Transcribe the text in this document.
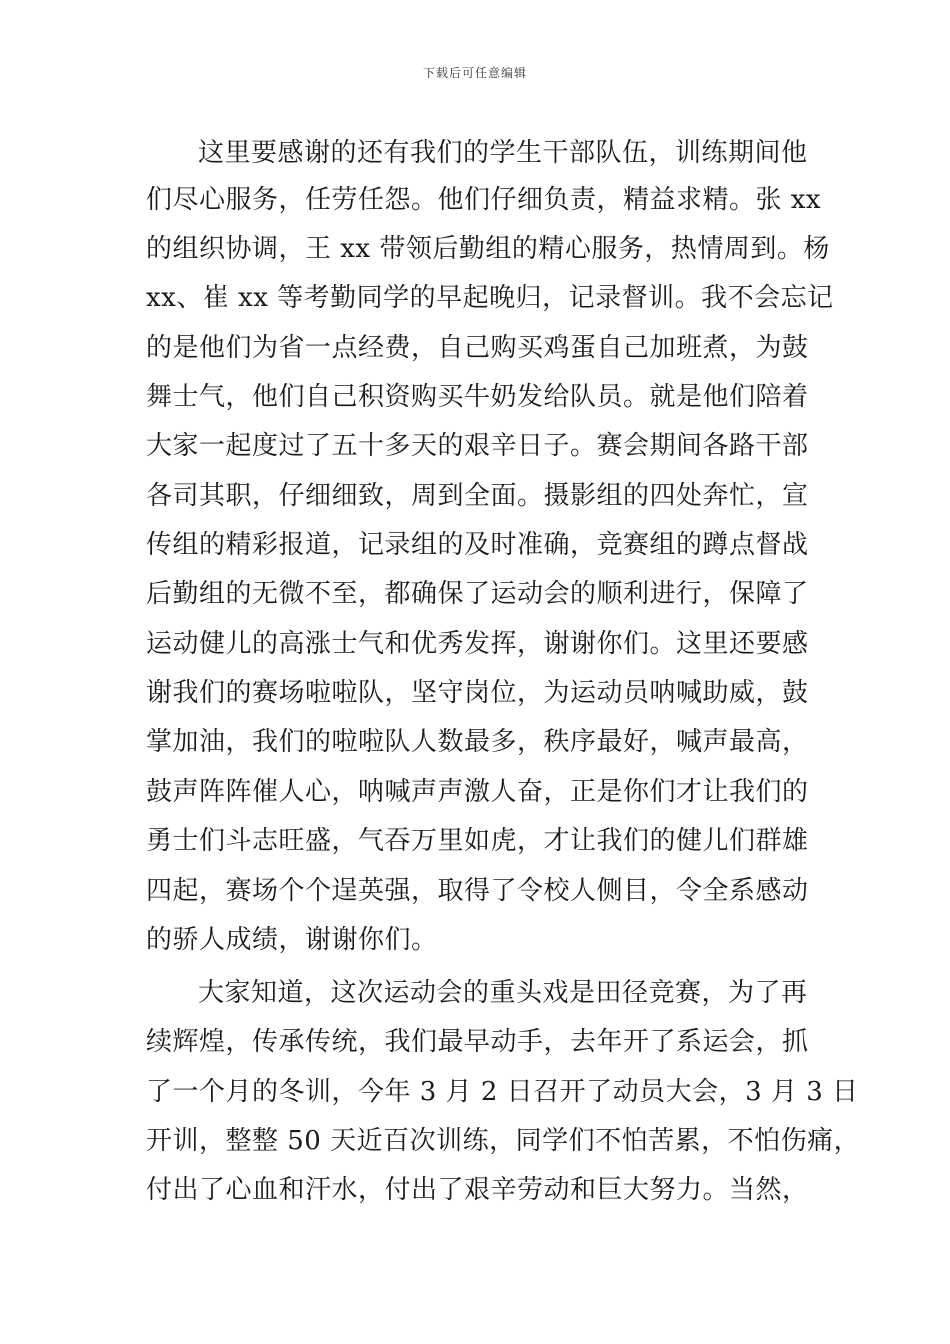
下载后可任意编辑
这里要感谢的还有我们的学生干部队伍，训练期间他
们尽心服务，任劳任怨。他们仔细负责，精益求精。张 xx
的组织协调，王 xx 带领后勤组的精心服务，热情周到。杨
xx、崔 xx 等考勤同学的早起晚归，记录督训。我不会忘记
的是他们为省一点经费，自己购买鸡蛋自己加班煮，为鼓
舞士气，他们自己积资购买牛奶发给队员。就是他们陪着
大家一起度过了五十多天的艰辛日子。赛会期间各路干部
各司其职，仔细细致，周到全面。摄影组的四处奔忙，宣
传组的精彩报道，记录组的及时准确，竞赛组的蹲点督战
后勤组的无微不至，都确保了运动会的顺利进行，保障了
运动健儿的高涨士气和优秀发挥，谢谢你们。这里还要感
谢我们的赛场啦啦队，坚守岗位，为运动员呐喊助威，鼓
掌加油，我们的啦啦队人数最多，秩序最好，喊声最高，
鼓声阵阵催人心，呐喊声声激人奋，正是你们才让我们的
勇士们斗志旺盛，气吞万里如虎，才让我们的健儿们群雄
四起，赛场个个逞英强，取得了令校人侧目，令全系感动
的骄人成绩，谢谢你们。
大家知道，这次运动会的重头戏是田径竞赛，为了再
续辉煌，传承传统，我们最早动手，去年开了系运会，抓
了一个月的冬训，今年 3 月 2 日召开了动员大会，3 月 3 日
开训，整整 50 天近百次训练，同学们不怕苦累，不怕伤痛，
付出了心血和汗水，付出了艰辛劳动和巨大努力。当然，
